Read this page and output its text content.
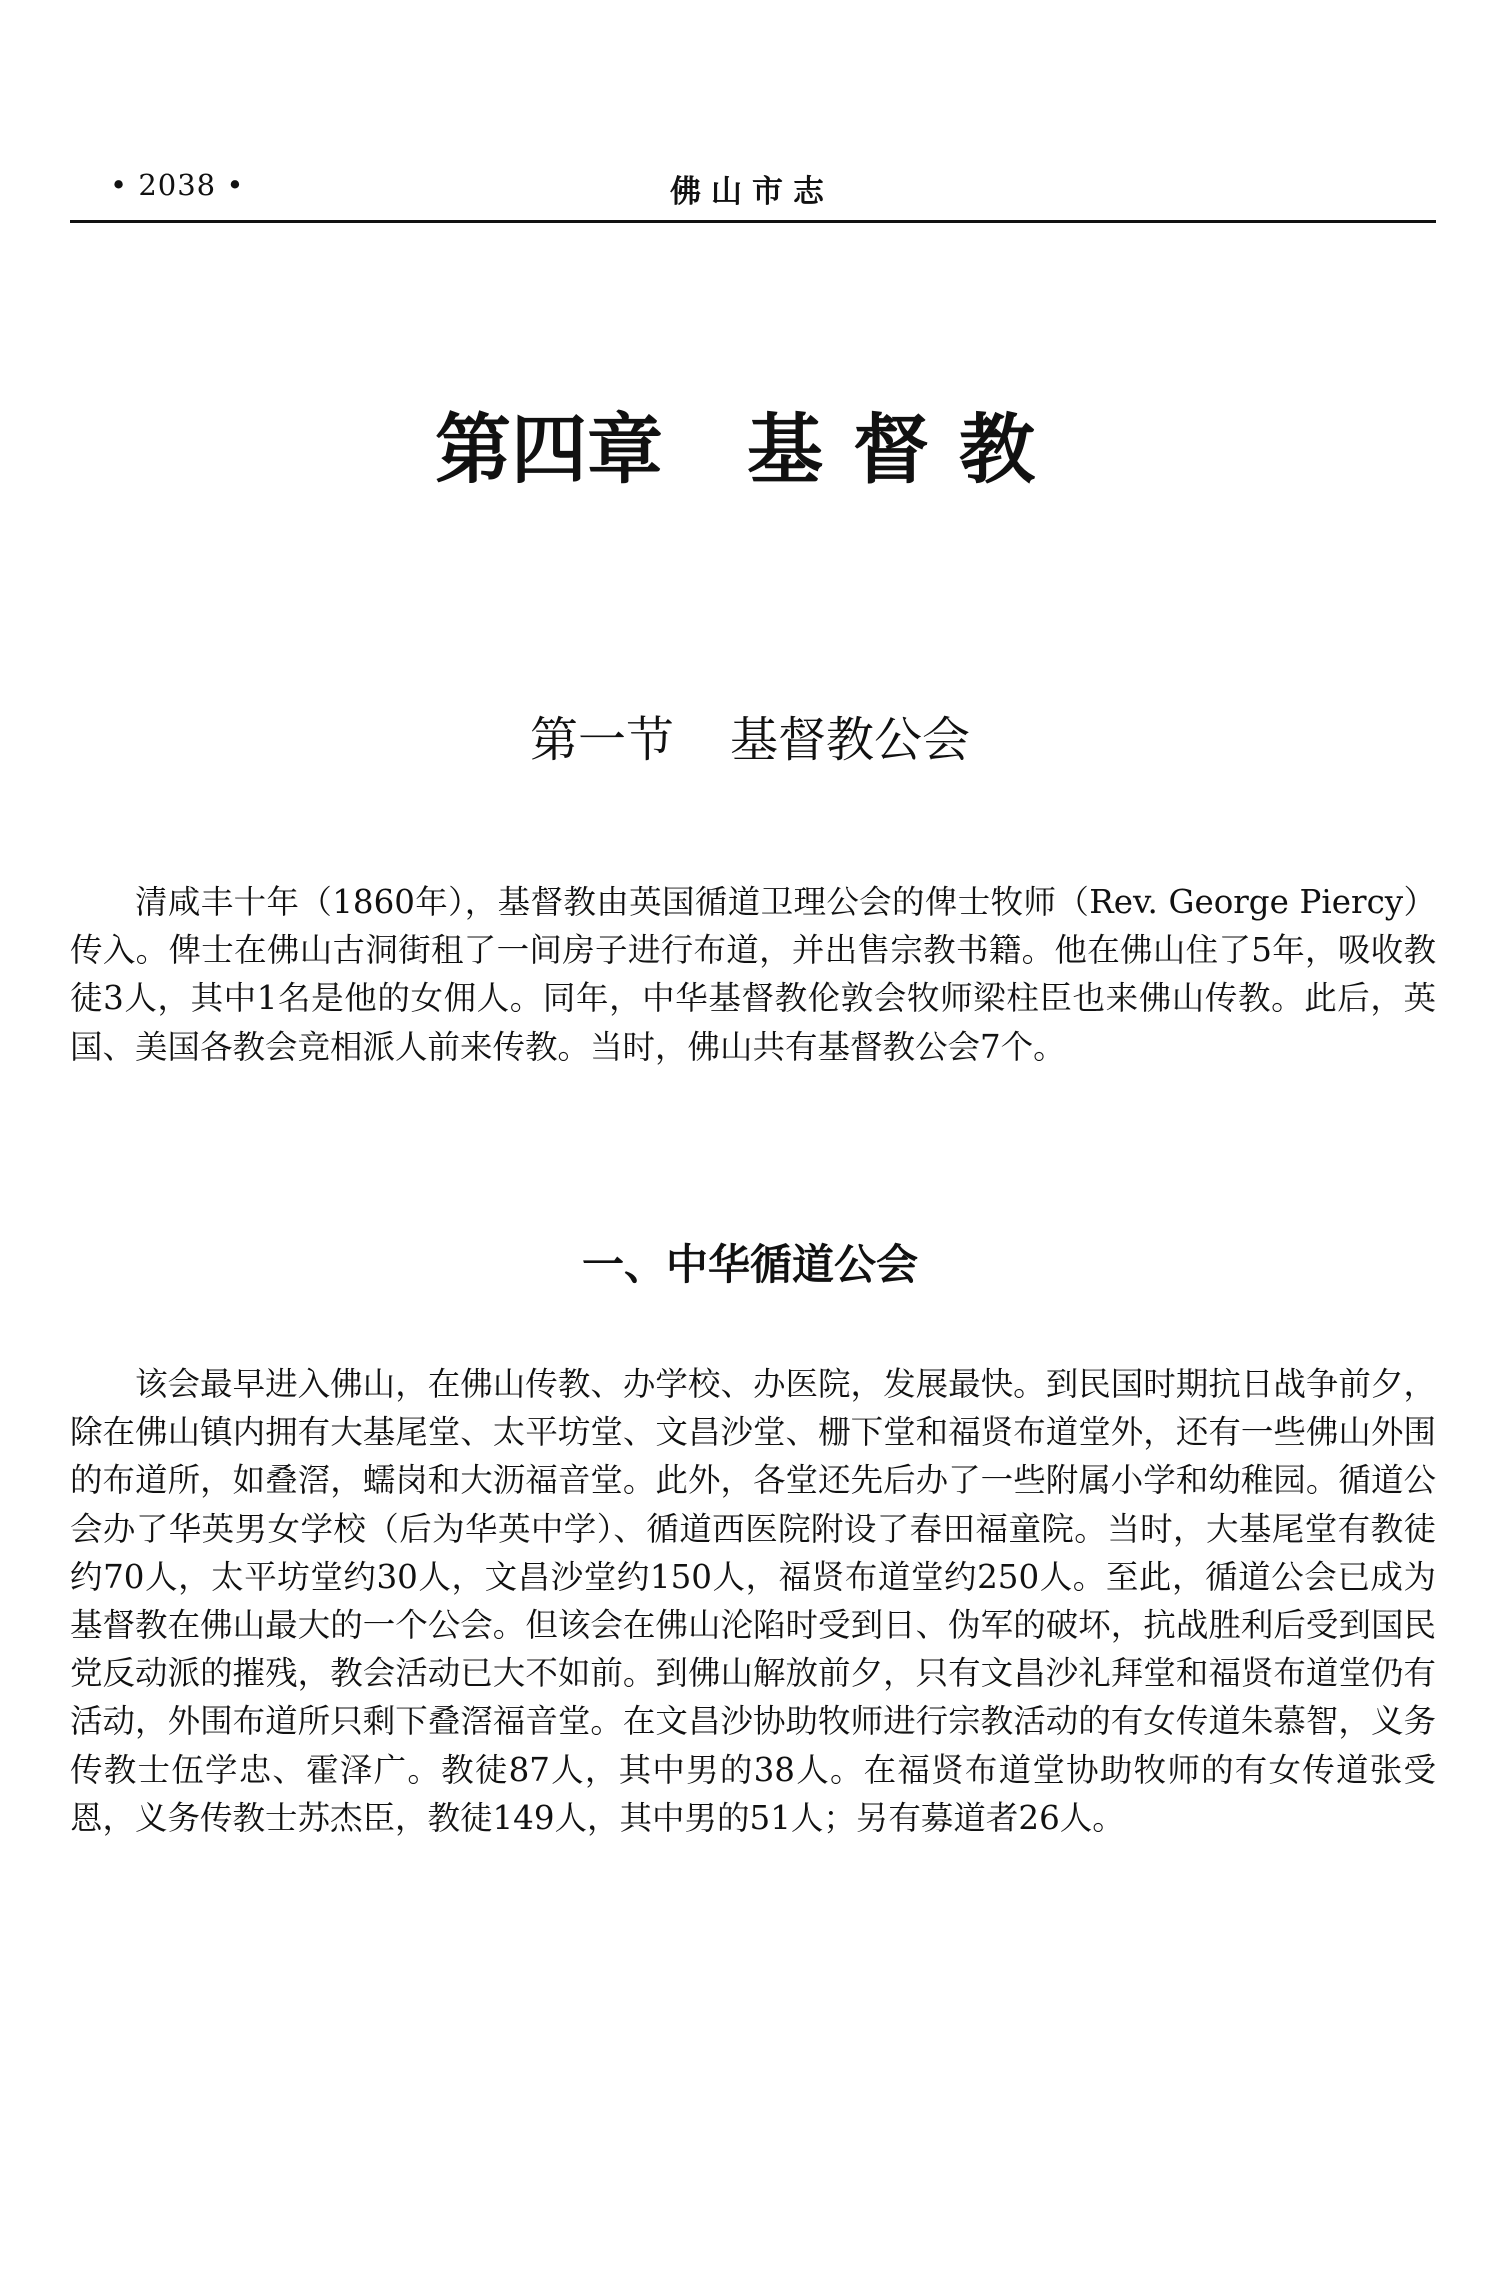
• 2038 •	佛山市志
第四章 基督教
第一节 基督教公会

清咸丰十年（1860年），基督教由英国循道卫理公会的俾士牧师（Rev. George Piercy）传入。俾士在佛山古洞街租了一间房子进行布道，并出售宗教书籍。他在佛山住了5年，吸收教徒3人，其中1名是他的女佣人。同年，中华基督教伦敦会牧师梁柱臣也来佛山传教。此后，英国、美国各教会竞相派人前来传教。当时，佛山共有基督教公会7个。

一、中华循道公会

该会最早进入佛山，在佛山传教、办学校、办医院，发展最快。到民国时期抗日战争前夕，除在佛山镇内拥有大基尾堂、太平坊堂、文昌沙堂、栅下堂和福贤布道堂外，还有一些佛山外围的布道所，如叠滘，蠕岗和大沥福音堂。此外，各堂还先后办了一些附属小学和幼稚园。循道公会办了华英男女学校（后为华英中学）、循道西医院附设了春田福童院。当时，大基尾堂有教徒约70人，太平坊堂约30人，文昌沙堂约150人，福贤布道堂约250人。至此，循道公会已成为基督教在佛山最大的一个公会。但该会在佛山沦陷时受到日、伪军的破坏，抗战胜利后受到国民党反动派的摧残，教会活动已大不如前。到佛山解放前夕，只有文昌沙礼拜堂和福贤布道堂仍有活动，外围布道所只剩下叠滘福音堂。在文昌沙协助牧师进行宗教活动的有女传道朱慕智，义务传教士伍学忠、霍泽广。教徒87人，其中男的38人。在福贤布道堂协助牧师的有女传道张受恩，义务传教士苏杰臣，教徒149人，其中男的51人；另有募道者26人。
